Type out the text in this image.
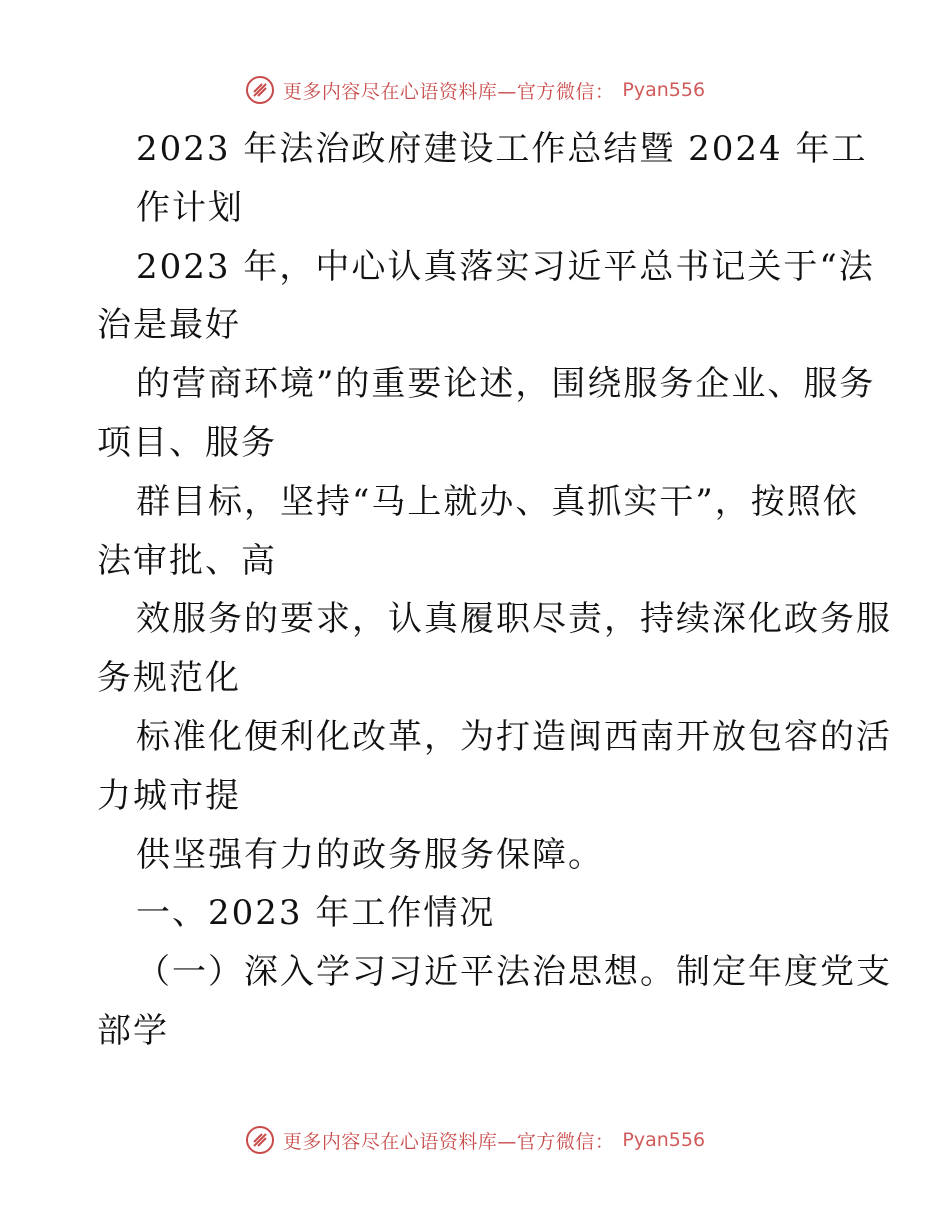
更多内容尽在心语资料库—官方微信： Pyan556
2023 年法治政府建设工作总结暨 2024 年工
作计划
2023 年，中心认真落实习近平总书记关于“法
治是最好
的营商环境”的重要论述，围绕服务企业、服务
项目、服务
群目标，坚持“马上就办、真抓实干”，按照依
法审批、高
效服务的要求，认真履职尽责，持续深化政务服
务规范化
标准化便利化改革，为打造闽西南开放包容的活
力城市提
供坚强有力的政务服务保障。
一、2023 年工作情况
（一）深入学习习近平法治思想。制定年度党支
部学
更多内容尽在心语资料库—官方微信： Pyan556
